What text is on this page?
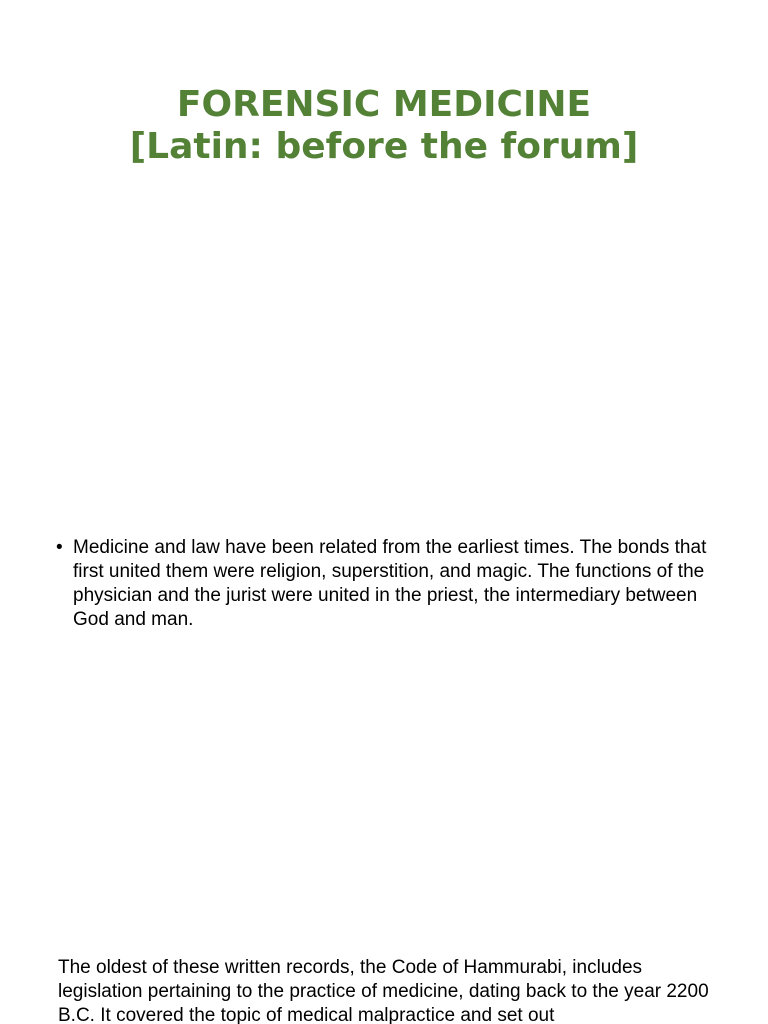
FORENSIC MEDICINE
[Latin: before the forum]
• Medicine and law have been related from the earliest times. The bonds that first united them were religion, superstition, and magic. The functions of the physician and the jurist were united in the priest, the intermediary between God and man.

The oldest of these written records, the Code of Hammurabi, includes legislation pertaining to the practice of medicine, dating back to the year 2200 B.C. It covered the topic of medical malpractice and set out
